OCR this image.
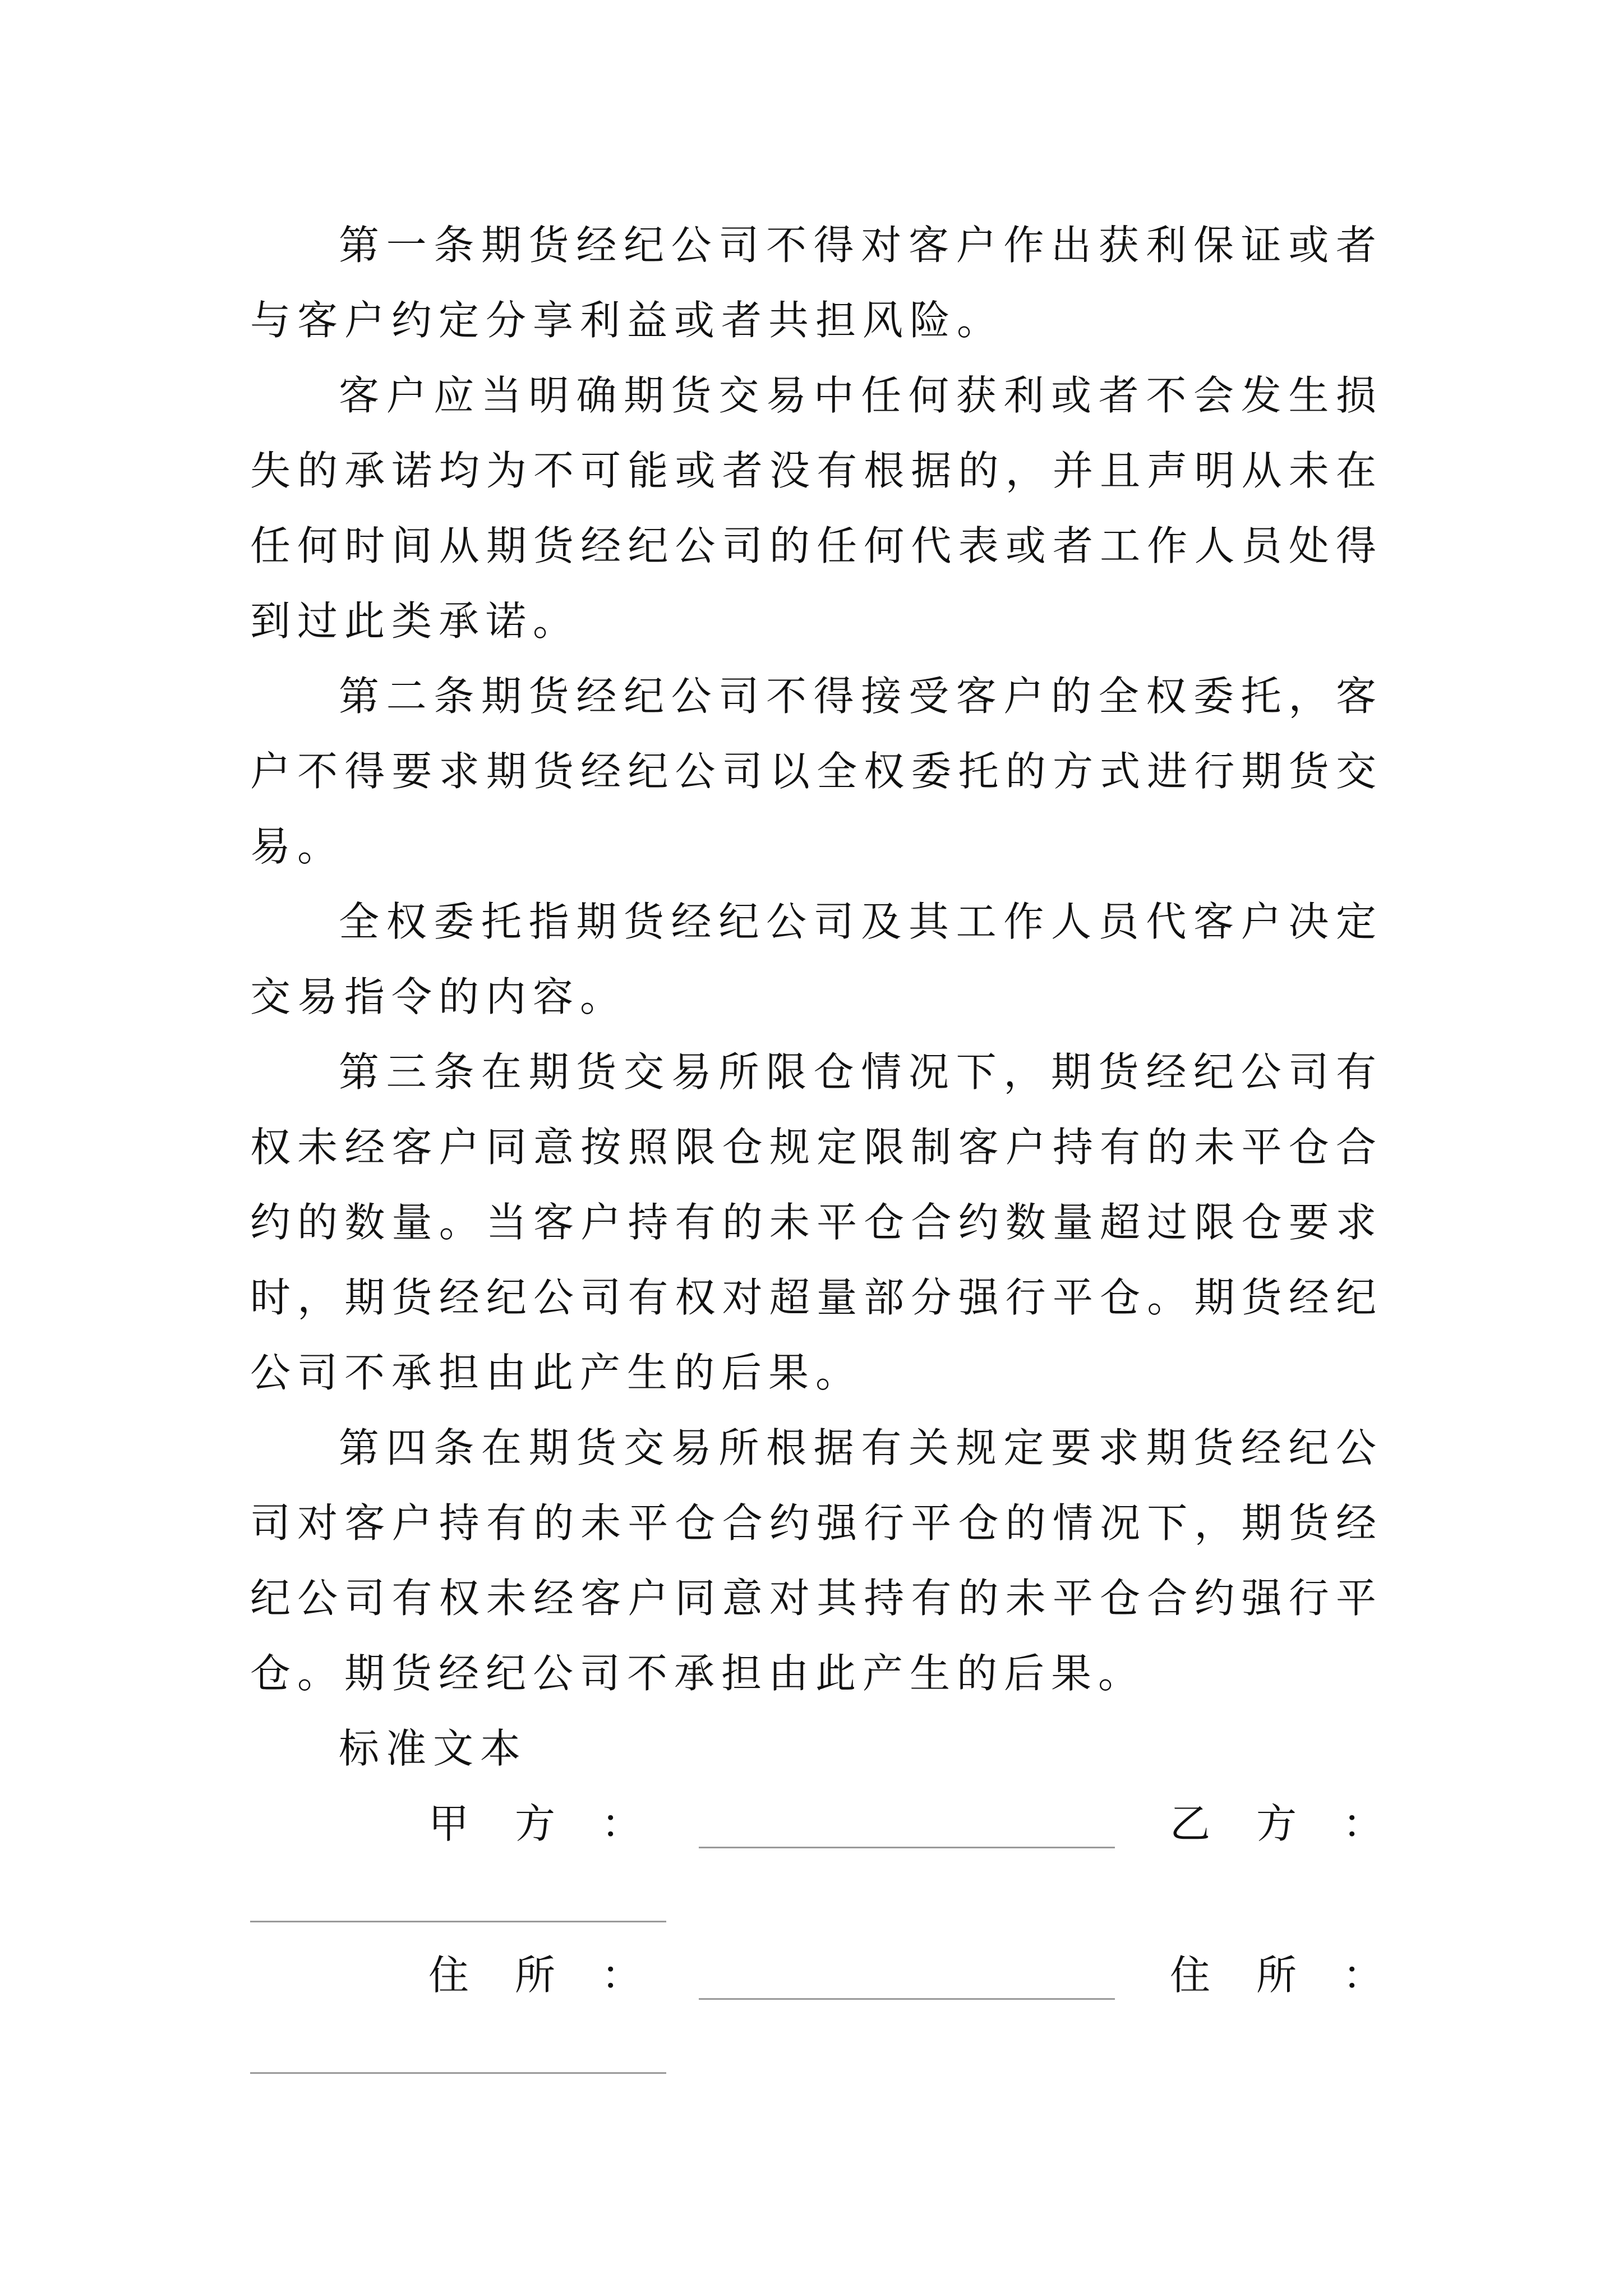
第一条期货经纪公司不得对客户作出获利保证或者与客户约定分享利益或者共担风险。

客户应当明确期货交易中任何获利或者不会发生损失的承诺均为不可能或者没有根据的，并且声明从未在任何时间从期货经纪公司的任何代表或者工作人员处得到过此类承诺。

第二条期货经纪公司不得接受客户的全权委托，客户不得要求期货经纪公司以全权委托的方式进行期货交易。

全权委托指期货经纪公司及其工作人员代客户决定交易指令的内容。

第三条在期货交易所限仓情况下，期货经纪公司有权未经客户同意按照限仓规定限制客户持有的未平仓合约的数量。当客户持有的未平仓合约数量超过限仓要求时，期货经纪公司有权对超量部分强行平仓。期货经纪公司不承担由此产生的后果。

第四条在期货交易所根据有关规定要求期货经纪公司对客户持有的未平仓合约强行平仓的情况下，期货经纪公司有权未经客户同意对其持有的未平仓合约强行平仓。期货经纪公司不承担由此产生的后果。

标准文本

甲方：	乙方：
住所：	住所：
